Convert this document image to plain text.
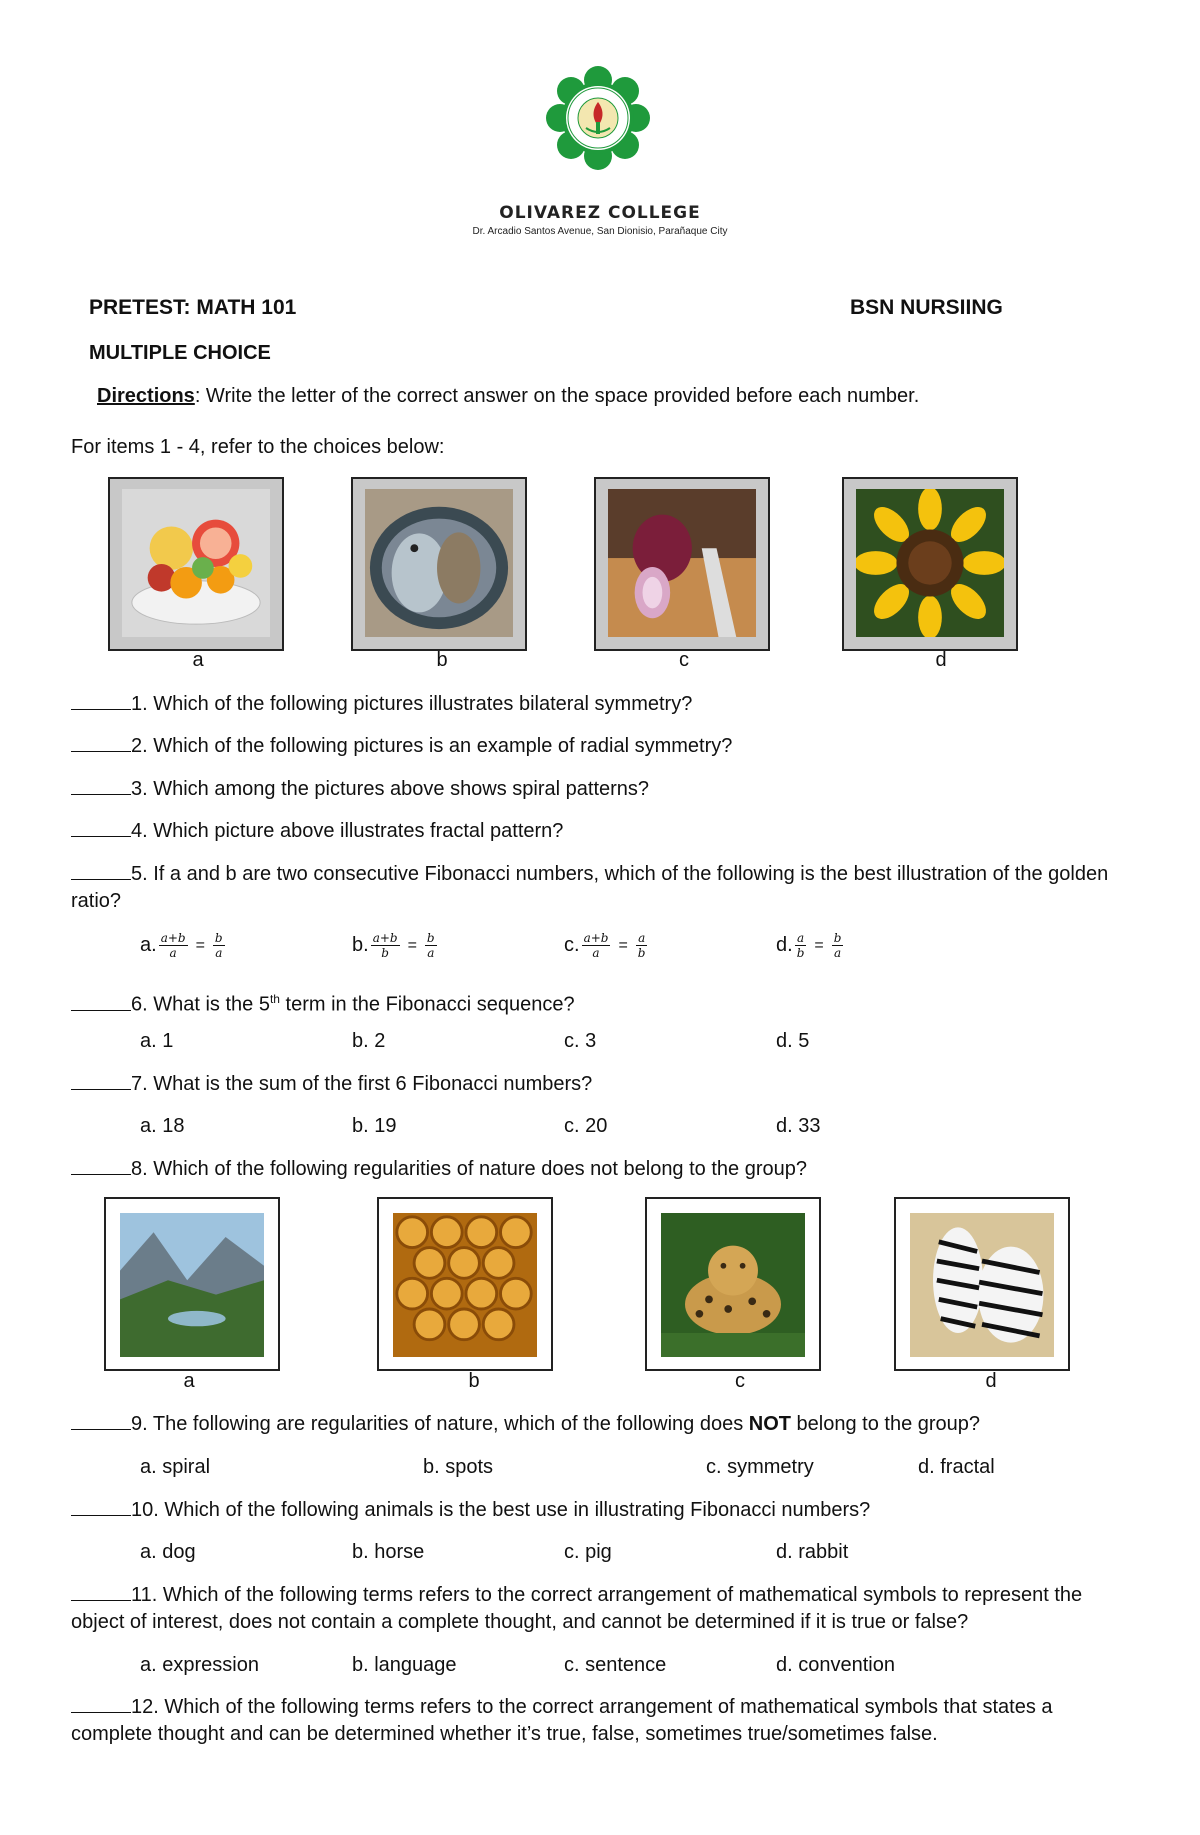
OLIVAREZ COLLEGE
Dr. Arcadio Santos Avenue, San Dionisio, Parañaque City
PRETEST: MATH 101	BSN NURSIING
MULTIPLE CHOICE
Directions: Write the letter of the correct answer on the space provided before each number.
For items 1 - 4, refer to the choices below:
a	b	c	d
1. Which of the following pictures illustrates bilateral symmetry?
2. Which of the following pictures is an example of radial symmetry?
3. Which among the pictures above shows spiral patterns?
4. Which picture above illustrates fractal pattern?
5. If a and b are two consecutive Fibonacci numbers, which of the following is the best illustration of the golden ratio?
a. $\frac{a+b}{a} = \frac{b}{a}$	b. $\frac{a+b}{b} = \frac{b}{a}$	c. $\frac{a+b}{a} = \frac{a}{b}$	d. $\frac{a}{b} = \frac{b}{a}$
6. What is the 5th term in the Fibonacci sequence?
a. 1	b. 2	c. 3	d. 5
7. What is the sum of the first 6 Fibonacci numbers?
a. 18	b. 19	c. 20	d. 33
8. Which of the following regularities of nature does not belong to the group?
a	b	c	d
9. The following are regularities of nature, which of the following does NOT belong to the group?
a. spiral	b. spots	c. symmetry	d. fractal
10. Which of the following animals is the best use in illustrating Fibonacci numbers?
a. dog	b. horse	c. pig	d. rabbit
11. Which of the following terms refers to the correct arrangement of mathematical symbols to represent the object of interest, does not contain a complete thought, and cannot be determined if it is true or false?
a. expression	b. language	c. sentence	d. convention
12. Which of the following terms refers to the correct arrangement of mathematical symbols that states a complete thought and can be determined whether it’s true, false, sometimes true/sometimes false.
